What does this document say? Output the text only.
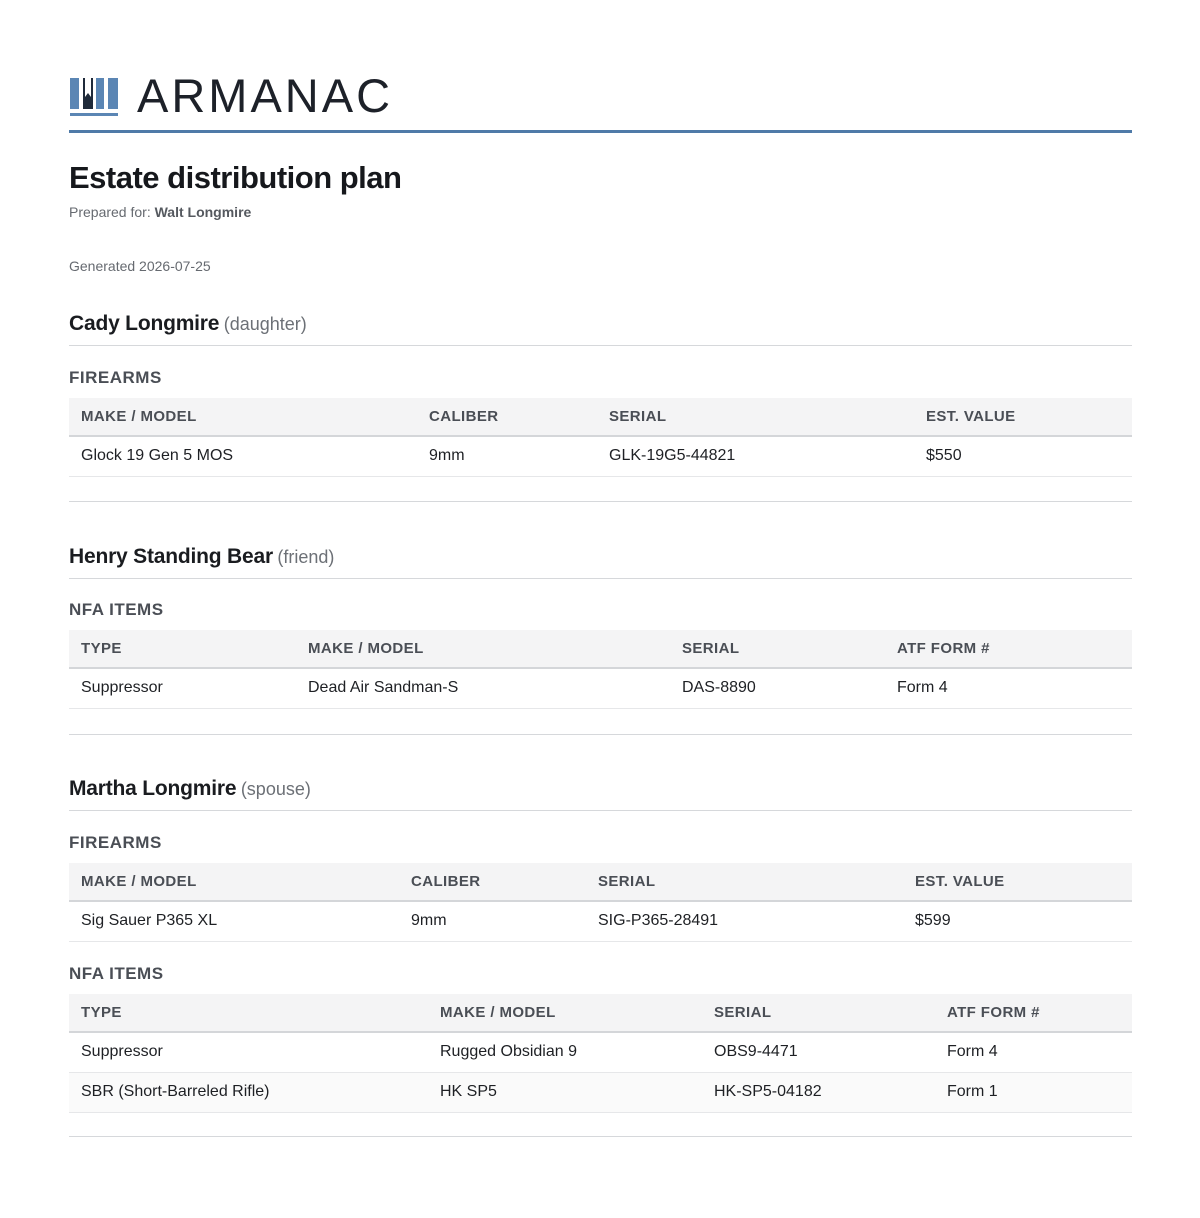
ARMANAC
Estate distribution plan
Prepared for: Walt Longmire
Generated 2026-07-25
Cady Longmire (daughter)
FIREARMS
MAKE / MODEL	CALIBER	SERIAL	EST. VALUE
Glock 19 Gen 5 MOS	9mm	GLK-19G5-44821	$550
Henry Standing Bear (friend)
NFA ITEMS
TYPE	MAKE / MODEL	SERIAL	ATF FORM #
Suppressor	Dead Air Sandman-S	DAS-8890	Form 4
Martha Longmire (spouse)
FIREARMS
MAKE / MODEL	CALIBER	SERIAL	EST. VALUE
Sig Sauer P365 XL	9mm	SIG-P365-28491	$599
NFA ITEMS
TYPE	MAKE / MODEL	SERIAL	ATF FORM #
Suppressor	Rugged Obsidian 9	OBS9-4471	Form 4
SBR (Short-Barreled Rifle)	HK SP5	HK-SP5-04182	Form 1
